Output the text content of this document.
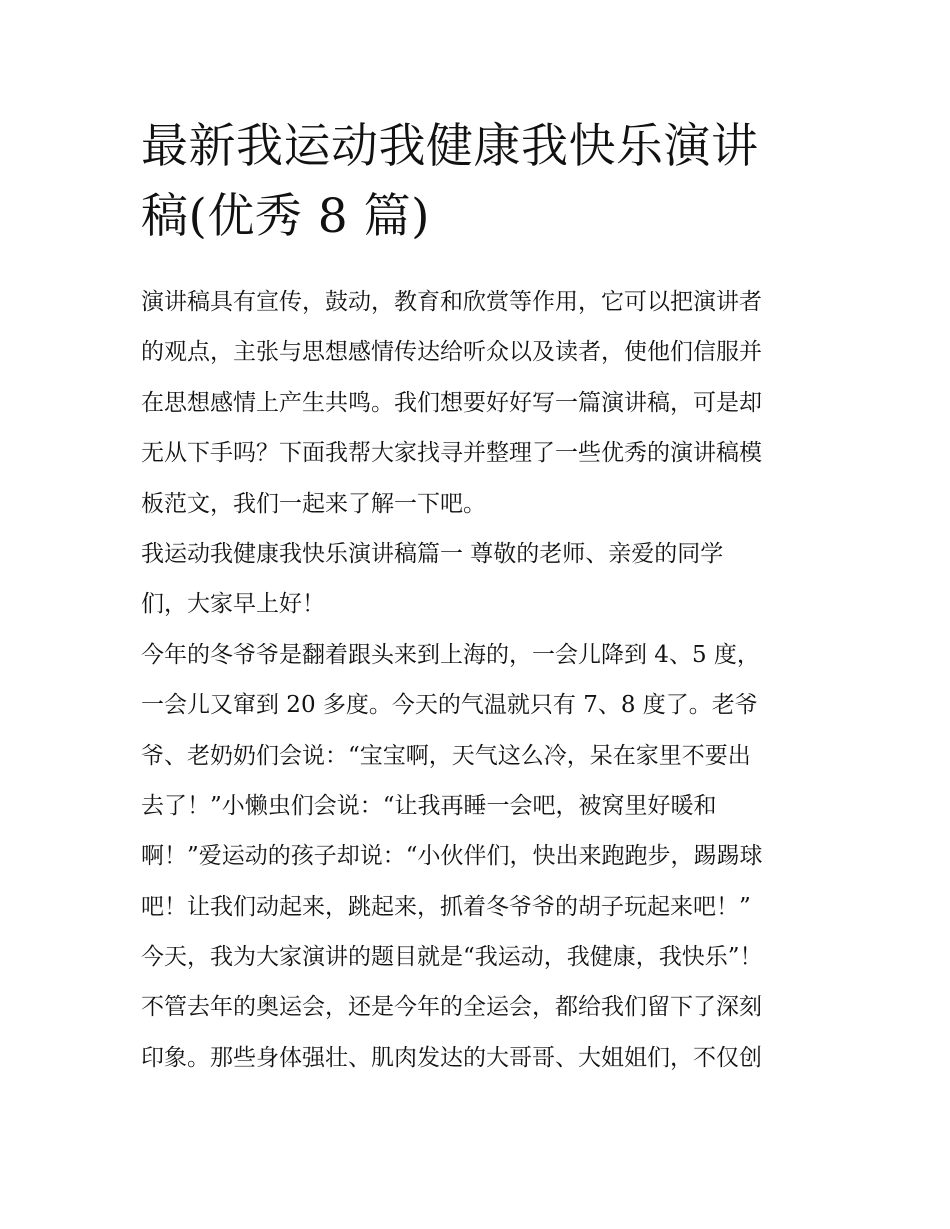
最新我运动我健康我快乐演讲
稿(优秀 8 篇)
演讲稿具有宣传，鼓动，教育和欣赏等作用，它可以把演讲者
的观点，主张与思想感情传达给听众以及读者，使他们信服并
在思想感情上产生共鸣。我们想要好好写一篇演讲稿，可是却
无从下手吗？下面我帮大家找寻并整理了一些优秀的演讲稿模
板范文，我们一起来了解一下吧。
我运动我健康我快乐演讲稿篇一 尊敬的老师、亲爱的同学
们，大家早上好！
今年的冬爷爷是翻着跟头来到上海的，一会儿降到 4、5 度，
一会儿又窜到 20 多度。今天的气温就只有 7、8 度了。老爷
爷、老奶奶们会说：“宝宝啊，天气这么冷，呆在家里不要出
去了！”小懒虫们会说：“让我再睡一会吧，被窝里好暖和
啊！”爱运动的孩子却说：“小伙伴们，快出来跑跑步，踢踢球
吧！让我们动起来，跳起来，抓着冬爷爷的胡子玩起来吧！”
今天，我为大家演讲的题目就是“我运动，我健康，我快乐”！
不管去年的奥运会，还是今年的全运会，都给我们留下了深刻
印象。那些身体强壮、肌肉发达的大哥哥、大姐姐们，不仅创
